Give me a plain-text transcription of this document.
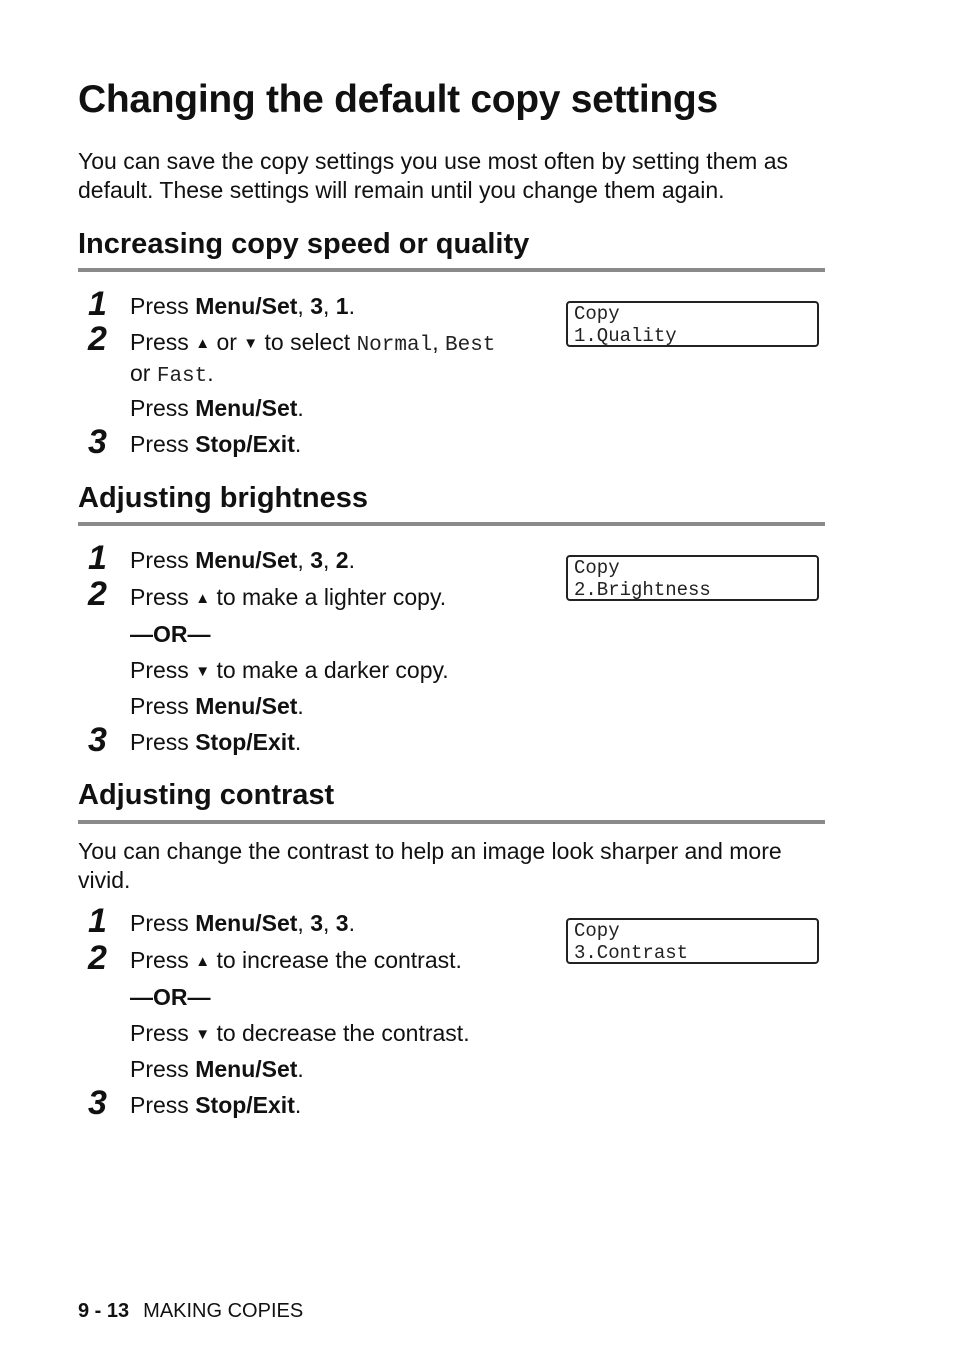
Changing the default copy settings

You can save the copy settings you use most often by setting them as default. These settings will remain until you change them again.

Increasing copy speed or quality
1 Press Menu/Set, 3, 1.
2 Press ▲ or ▼ to select Normal, Best
or Fast.
Press Menu/Set.
3 Press Stop/Exit.
Copy
1.Quality
Adjusting brightness
1 Press Menu/Set, 3, 2.
2 Press ▲ to make a lighter copy.
—OR—
Press ▼ to make a darker copy.
Press Menu/Set.
3 Press Stop/Exit.
Copy
2.Brightness
Adjusting contrast

You can change the contrast to help an image look sharper and more vivid.

1 Press Menu/Set, 3, 3.
2 Press ▲ to increase the contrast.
—OR—
Press ▼ to decrease the contrast.
Press Menu/Set.
3 Press Stop/Exit.
Copy
3.Contrast
9 - 13 MAKING COPIES
